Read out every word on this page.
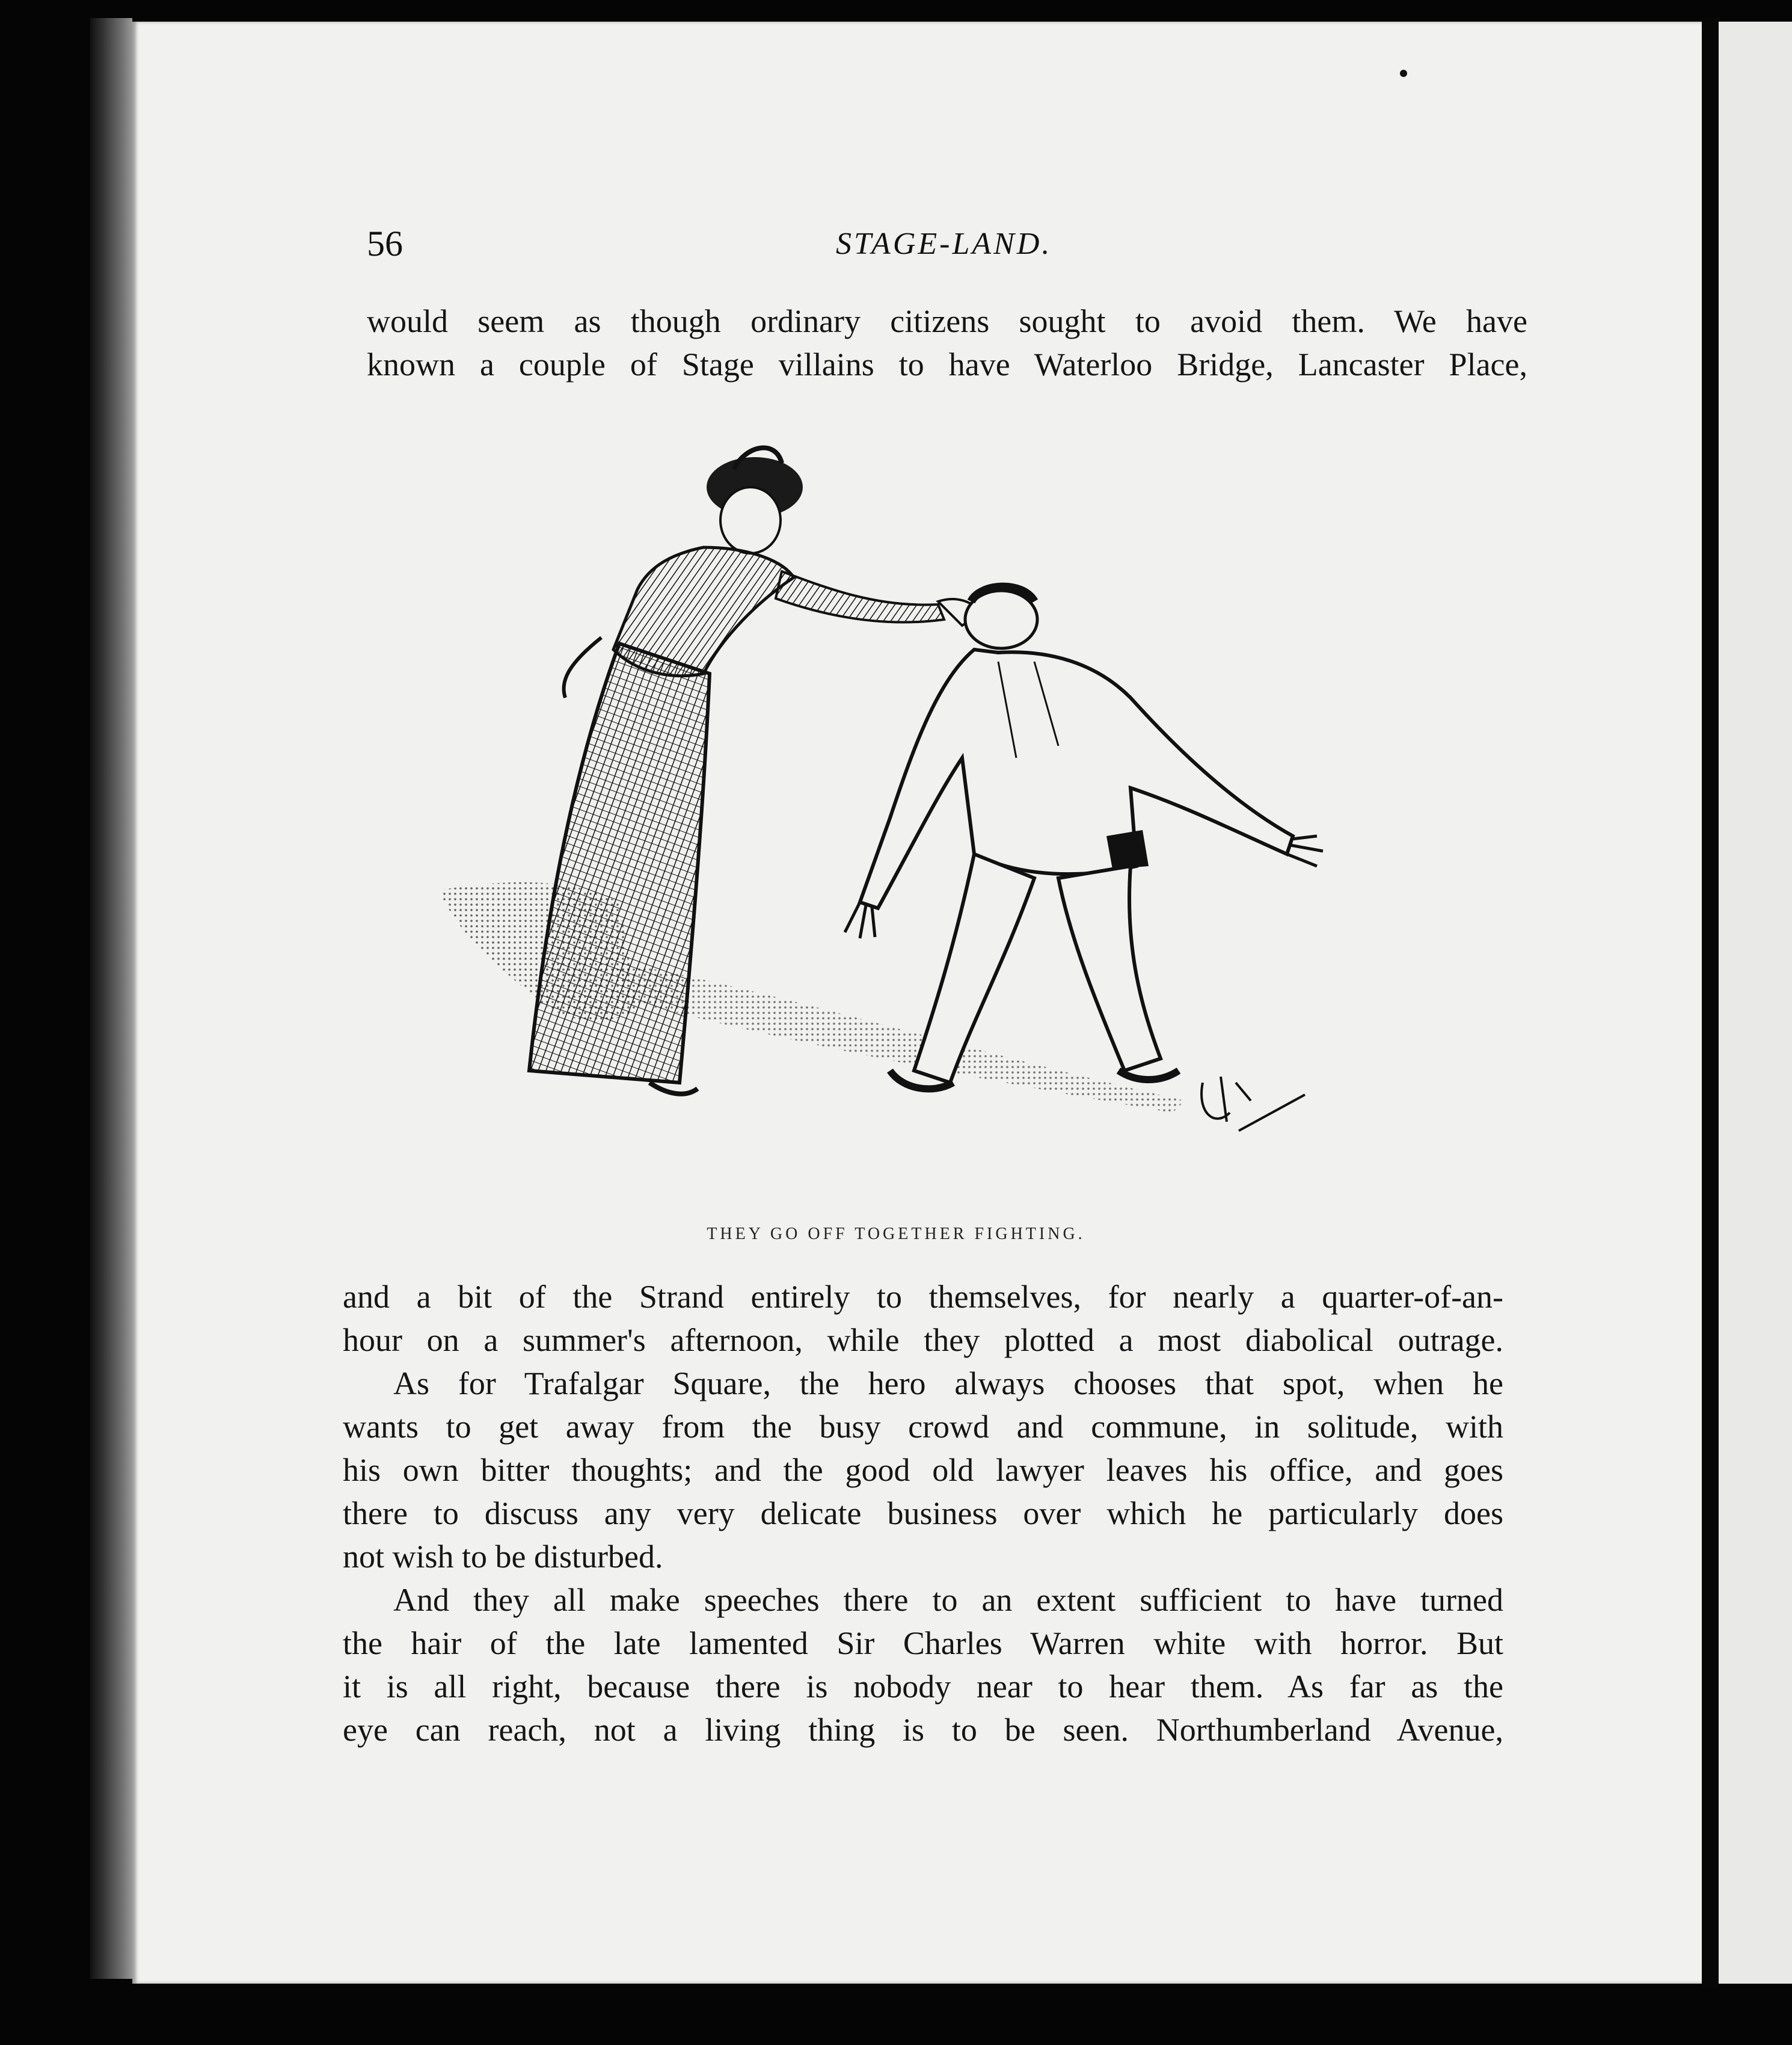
56	STAGE-LAND.
would seem as though ordinary citizens sought to avoid them. We have
known a couple of Stage villains to have Waterloo Bridge, Lancaster Place,
THEY GO OFF TOGETHER FIGHTING.
and a bit of the Strand entirely to themselves, for nearly a quarter-of-an-
hour on a summer's afternoon, while they plotted a most diabolical outrage.
As for Trafalgar Square, the hero always chooses that spot, when he
wants to get away from the busy crowd and commune, in solitude, with
his own bitter thoughts; and the good old lawyer leaves his office, and goes
there to discuss any very delicate business over which he particularly does
not wish to be disturbed.
And they all make speeches there to an extent sufficient to have turned
the hair of the late lamented Sir Charles Warren white with horror. But
it is all right, because there is nobody near to hear them. As far as the
eye can reach, not a living thing is to be seen. Northumberland Avenue,
